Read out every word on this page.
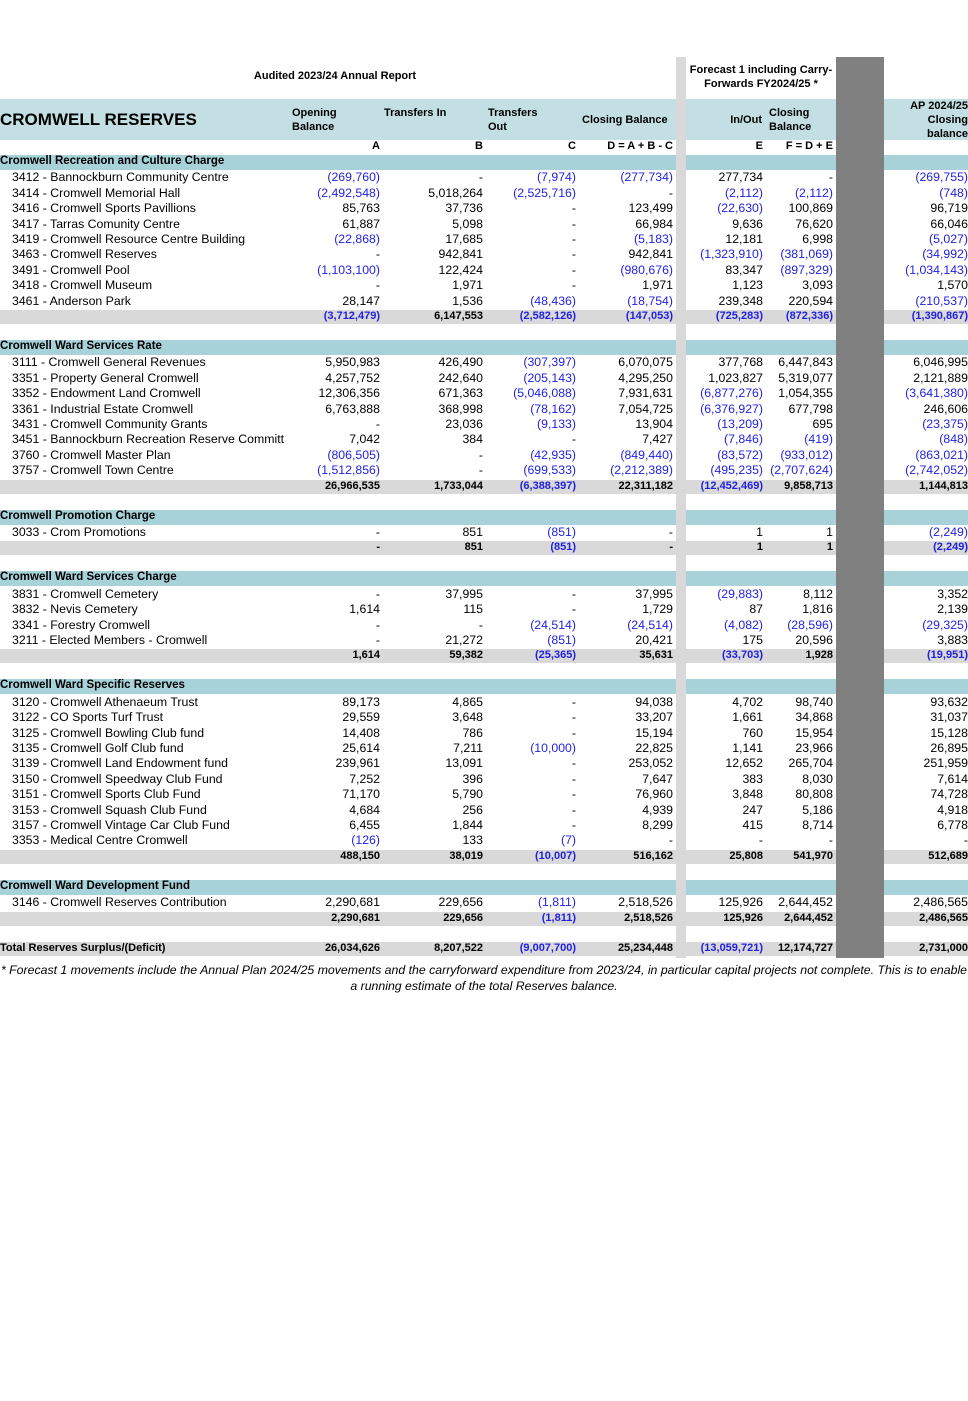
Audited 2023/24 Annual Report	Forecast 1 including Carry-Forwards FY2024/25 *
CROMWELL RESERVES	Opening Balance
Transfers In	Transfers Out
Closing Balance	In/Out
Closing Balance
AP 2024/25 Closing balance
A	B	C	D = A + B - C	E	F = D + E
Cromwell Recreation and Culture Charge
3412 - Bannockburn Community Centre	(269,760)	-	(7,974)	(277,734)	277,734	-	(269,755)
3414 - Cromwell Memorial Hall	(2,492,548)	5,018,264	(2,525,716)	-	(2,112)	(2,112)	(748)
3416 - Cromwell Sports Pavillions	85,763	37,736	-	123,499	(22,630)	100,869	96,719
3417 - Tarras Comunity Centre	61,887	5,098	-	66,984	9,636	76,620	66,046
3419 - Cromwell Resource Centre Building	(22,868)	17,685	-	(5,183)	12,181	6,998	(5,027)
3463 - Cromwell Reserves	-	942,841	-	942,841	(1,323,910)	(381,069)	(34,992)
3491 - Cromwell Pool	(1,103,100)	122,424	-	(980,676)	83,347	(897,329)	(1,034,143)
3418 - Cromwell Museum	-	1,971	-	1,971	1,123	3,093	1,570
3461 - Anderson Park	28,147	1,536	(48,436)	(18,754)	239,348	220,594	(210,537)
(3,712,479)	6,147,553	(2,582,126)	(147,053)	(725,283)	(872,336)	(1,390,867)
Cromwell Ward Services Rate
3111 - Cromwell General Revenues	5,950,983	426,490	(307,397)	6,070,075	377,768	6,447,843	6,046,995
3351 - Property General Cromwell	4,257,752	242,640	(205,143)	4,295,250	1,023,827	5,319,077	2,121,889
3352 - Endowment Land Cromwell	12,306,356	671,363	(5,046,088)	7,931,631	(6,877,276)	1,054,355	(3,641,380)
3361 - Industrial Estate Cromwell	6,763,888	368,998	(78,162)	7,054,725	(6,376,927)	677,798	246,606
3431 - Cromwell Community Grants	-	23,036	(9,133)	13,904	(13,209)	695	(23,375)
3451 - Bannockburn Recreation Reserve Committ	7,042	384	-	7,427	(7,846)	(419)	(848)
3760 - Cromwell Master Plan	(806,505)	-	(42,935)	(849,440)	(83,572)	(933,012)	(863,021)
3757 - Cromwell Town Centre	(1,512,856)	-	(699,533)	(2,212,389)	(495,235) (2,707,624)	(2,742,052)
26,966,535	1,733,044	(6,388,397)	22,311,182	(12,452,469)	9,858,713	1,144,813
Cromwell Promotion Charge
3033 - Crom Promotions	-	851	(851)	-	1	1	(2,249)
-	851	(851)	-	1	1	(2,249)
Cromwell Ward Services Charge
3831 - Cromwell Cemetery	-	37,995	-	37,995	(29,883)	8,112	3,352
3832 - Nevis Cemetery	1,614	115	-	1,729	87	1,816	2,139
3341 - Forestry Cromwell	-	-	(24,514)	(24,514)	(4,082)	(28,596)	(29,325)
3211 - Elected Members - Cromwell	-	21,272	(851)	20,421	175	20,596	3,883
1,614	59,382	(25,365)	35,631	(33,703)	1,928	(19,951)
Cromwell Ward Specific Reserves
3120 - Cromwell Athenaeum Trust	89,173	4,865	-	94,038	4,702	98,740	93,632
3122 - CO Sports Turf Trust	29,559	3,648	-	33,207	1,661	34,868	31,037
3125 - Cromwell Bowling Club fund	14,408	786	-	15,194	760	15,954	15,128
3135 - Cromwell Golf Club fund	25,614	7,211	(10,000)	22,825	1,141	23,966	26,895
3139 - Cromwell Land Endowment fund	239,961	13,091	-	253,052	12,652	265,704	251,959
3150 - Cromwell Speedway Club Fund	7,252	396	-	7,647	383	8,030	7,614
3151 - Cromwell Sports Club Fund	71,170	5,790	-	76,960	3,848	80,808	74,728
3153 - Cromwell Squash Club Fund	4,684	256	-	4,939	247	5,186	4,918
3157 - Cromwell Vintage Car Club Fund	6,455	1,844	-	8,299	415	8,714	6,778
3353 - Medical Centre Cromwell	(126)	133	(7)	-	-	-	-
488,150	38,019	(10,007)	516,162	25,808	541,970	512,689
Cromwell Ward Development Fund
3146 - Cromwell Reserves Contribution	2,290,681	229,656	(1,811)	2,518,526	125,926	2,644,452	2,486,565
2,290,681	229,656	(1,811)	2,518,526	125,926	2,644,452	2,486,565
Total Reserves Surplus/(Deficit)	26,034,626	8,207,522	(9,007,700)	25,234,448	(13,059,721)	12,174,727	2,731,000
* Forecast 1 movements include the Annual Plan 2024/25 movements and the carryforward expenditure from 2023/24, in particular capital projects not complete. This is to enable a running estimate of the total Reserves balance.
